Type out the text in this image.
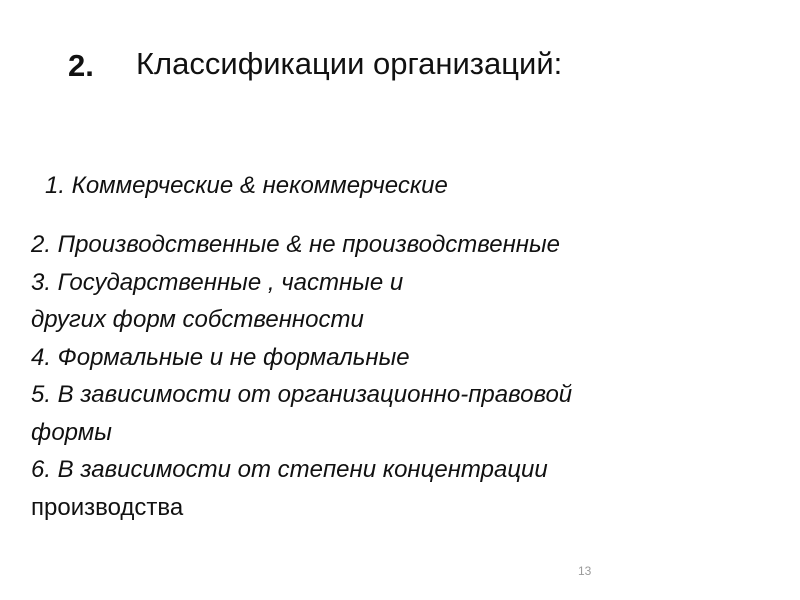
2. Классификации организаций:
1. Коммерческие & некоммерческие
2. Производственные & не производственные
3. Государственные , частные и
другиx форм собственности
4. Формальные и не формальные
5. В зависимости от организационно-правовой
формы
6. В зависимости от степени концентрации
производства
13
